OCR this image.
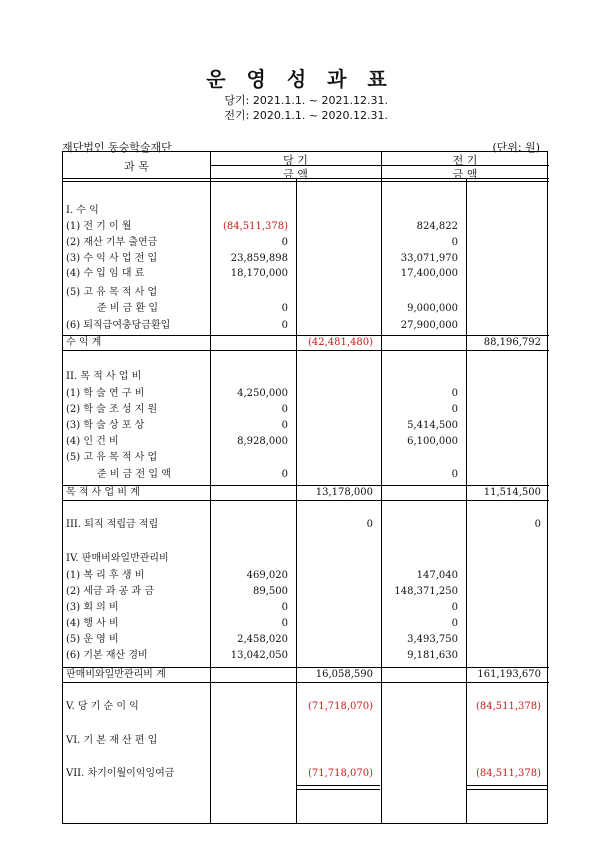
운 영 성 과 표
당기: 2021.1.1. ~ 2021.12.31.
전기: 2020.1.1. ~ 2020.12.31.
재단법인 동숭학술재단	(단위: 원)
과 목	당 기	전 기
금 액	금 액
I. 수 익
(1) 전 기 이 월	(84,511,378)	824,822
(2) 재산 기부 출연금	0	0
(3) 수 익 사 업 전 입	23,859,898	33,071,970
(4) 수 입 임 대 료	18,170,000	17,400,000
(5) 고 유 목 적 사 업
준 비 금 환 입	0	9,000,000
(6) 퇴직급여충당금환입	0	27,900,000
수 익 계	(42,481,480)	88,196,792
II. 목 적 사 업 비
(1) 학 술 연 구 비	4,250,000	0
(2) 학 술 조 성 지 원	0	0
(3) 학 술 상 포 상	0	5,414,500
(4) 인 건 비	8,928,000	6,100,000
(5) 고 유 목 적 사 업
준 비 금 전 입 액	0	0
목 적 사 업 비 계	13,178,000	11,514,500
III. 퇴직 적립금 적립	0	0
IV. 판매비와일반관리비
(1) 복 리 후 생 비	469,020	147,040
(2) 세금 과 공 과 금	89,500	148,371,250
(3) 회 의 비	0	0
(4) 행 사 비	0	0
(5) 운 영 비	2,458,020	3,493,750
(6) 기본 재산 경비	13,042,050	9,181,630
판매비와일반관리비 계	16,058,590	161,193,670
V. 당 기 순 이 익	(71,718,070)	(84,511,378)
VI. 기 본 재 산 편 입
VII. 차기이월이익잉여금	(71,718,070)	(84,511,378)
